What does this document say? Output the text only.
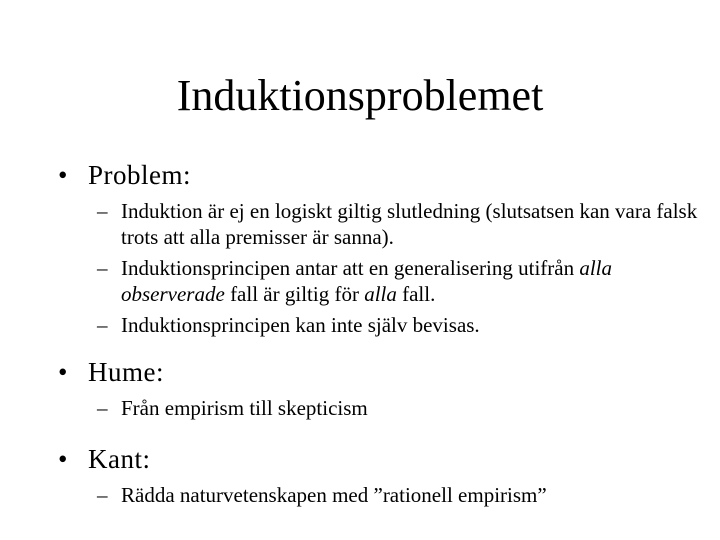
Induktionsproblemet
• Problem:
– Induktion är ej en logiskt giltig slutledning (slutsatsen kan vara falsk trots att alla premisser är sanna).
– Induktionsprincipen antar att en generalisering utifrån alla observerade fall är giltig för alla fall.
– Induktionsprincipen kan inte själv bevisas.
• Hume:
– Från empirism till skepticism
• Kant:
– Rädda naturvetenskapen med ”rationell empirism”
